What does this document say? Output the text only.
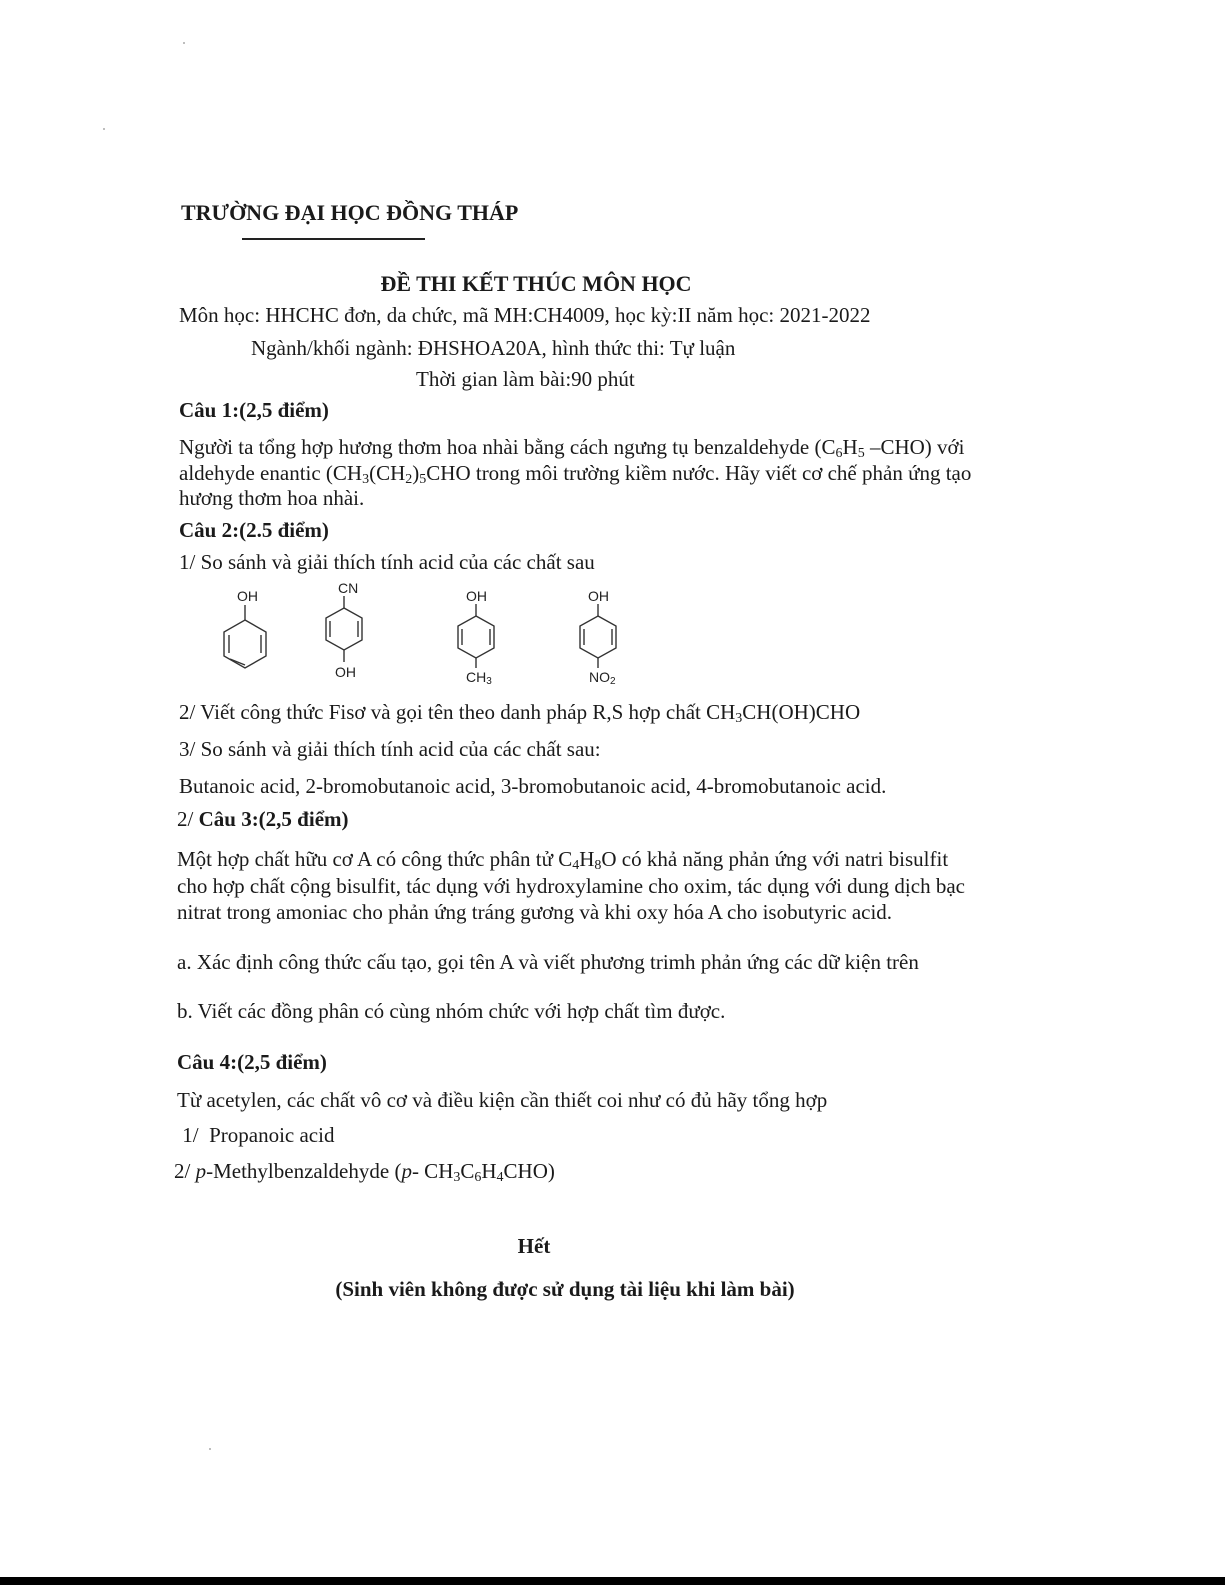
TRƯỜNG ĐẠI HỌC ĐỒNG THÁP
ĐỀ THI KẾT THÚC MÔN HỌC
Môn học: HHCHC đơn, da chức, mã MH:CH4009, học kỳ:II năm học: 2021-2022
Ngành/khối ngành: ĐHSHOA20A, hình thức thi: Tự luận
Thời gian làm bài:90 phút
Câu 1:(2,5 điểm)
Người ta tổng hợp hương thơm hoa nhài bằng cách ngưng tụ benzaldehyde ($C_6H_5$ –CHO) với
aldehyde enantic ($CH_3(CH_2)_5CHO$ trong môi trường kiềm nước. Hãy viết cơ chế phản ứng tạo
hương thơm hoa nhài.
Câu 2:(2.5 điểm)
1/ So sánh và giải thích tính acid của các chất sau
OH	CN
OH
OH
CH3
OH
NO2
2/ Viết công thức Fisơ và gọi tên theo danh pháp R,S hợp chất $CH_3CH(OH)CHO$
3/ So sánh và giải thích tính acid của các chất sau:
Butanoic acid, 2-bromobutanoic acid, 3-bromobutanoic acid, 4-bromobutanoic acid.
2/ Câu 3:(2,5 điểm)
Một hợp chất hữu cơ A có công thức phân tử $C_4H_8O$ có khả năng phản ứng với natri bisulfit
cho hợp chất cộng bisulfit, tác dụng với hydroxylamine cho oxim, tác dụng với dung dịch bạc
nitrat trong amoniac cho phản ứng tráng gương và khi oxy hóa A cho isobutyric acid.
a. Xác định công thức cấu tạo, gọi tên A và viết phương trimh phản ứng các dữ kiện trên
b. Viết các đồng phân có cùng nhóm chức với hợp chất tìm được.
Câu 4:(2,5 điểm)
Từ acetylen, các chất vô cơ và điều kiện cần thiết coi như có đủ hãy tổng hợp
1/  Propanoic acid
2/ p-Methylbenzaldehyde (p- $CH_3C_6H_4CHO$)
Hết
(Sinh viên không được sử dụng tài liệu khi làm bài)
